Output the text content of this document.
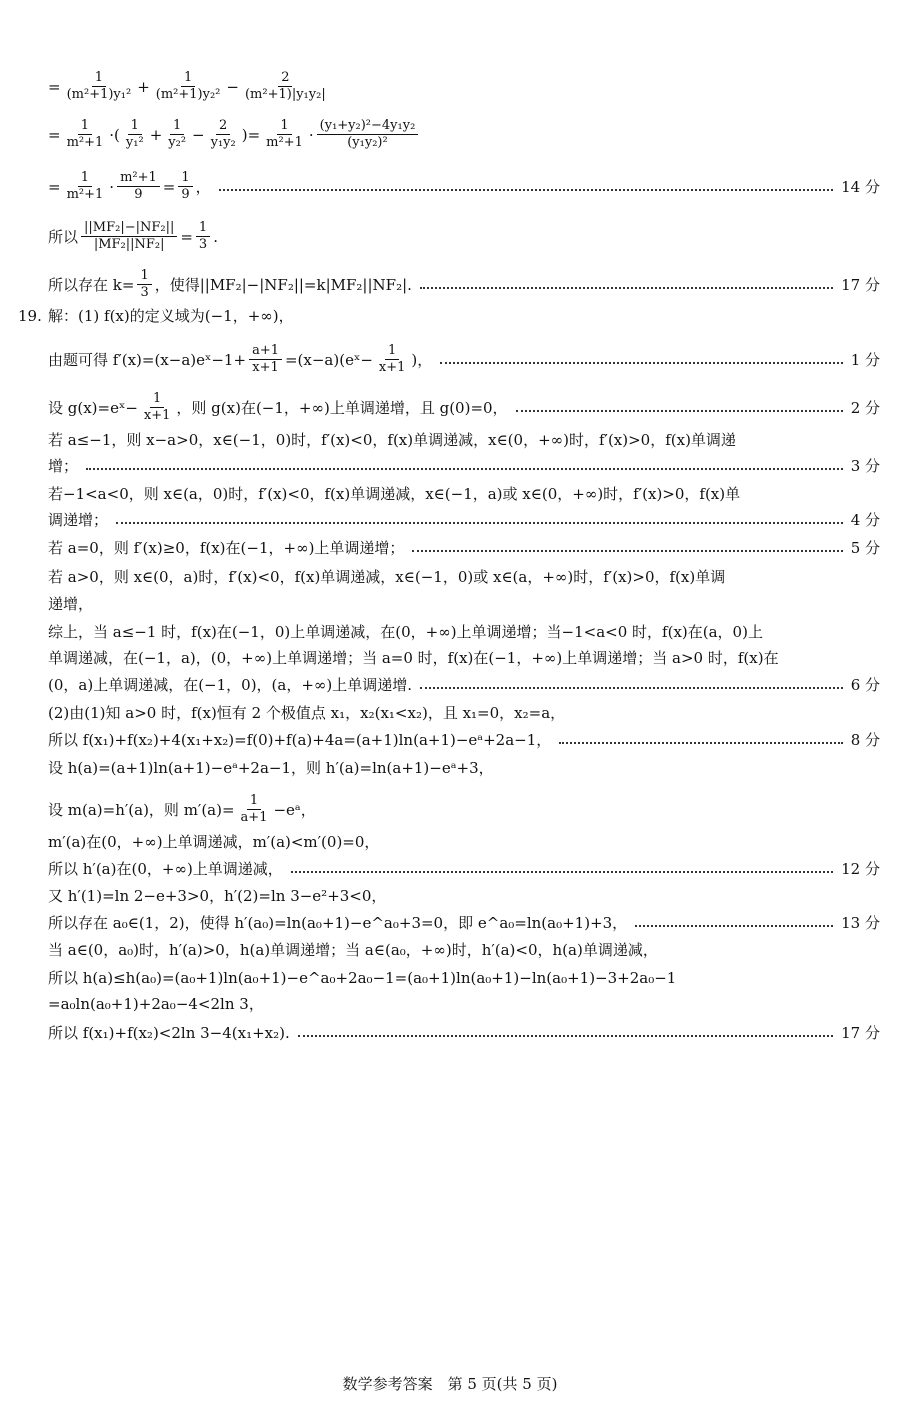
= $\frac{1}{\text{(m²+1)y₁²}} + \frac{1}{\text{(m²+1)y₂²}} - \frac{2}{\text{(m²+1)|y₁y₂|}}$
= $\frac{1}{\text{m²+1}}$ ·( $\frac{1}{\text{y₁²}} + \frac{1}{\text{y₂²}} - \frac{2}{\text{y₁y₂}}$ )= $\frac{1}{\text{m²+1}} \cdot \frac{\text{(y₁+y₂)²−4y₁y₂}}{\text{(y₁y₂)²}}$
= $\frac{1}{\text{m²+1}} \cdot \frac{\text{m²+1}}{9} = \frac{1}{9}$ ，	14 分
所以 $\frac{\text{||MF₂|−|NF₂||}}{\text{|MF₂||NF₂|}} = \frac{1}{3}$ .
所以存在 $k= \frac{1}{3}$ ，使得||MF₂|−|NF₂||=k|MF₂||NF₂|.	17 分
19. 解：(1) f(x)的定义域为(−1，+∞)，
由题可得 f′(x)=(x−a)eˣ−1+ $\frac{a+1}{x+1}$ =(x−a)(eˣ− $\frac{1}{x+1}$ )，	1 分
设 g(x)=eˣ− $\frac{1}{x+1}$ ，则 g(x)在(−1，+∞)上单调递增，且 g(0)=0，	2 分
若 a≤−1，则 x−a>0，x∈(−1，0)时，f′(x)<0，f(x)单调递减，x∈(0，+∞)时，f′(x)>0，f(x)单调递
增；	3 分
若−1<a<0，则 x∈(a，0)时，f′(x)<0，f(x)单调递减，x∈(−1，a)或 x∈(0，+∞)时，f′(x)>0，f(x)单
调递增；	4 分
若 a=0，则 f′(x)≥0，f(x)在(−1，+∞)上单调递增；	5 分
若 a>0，则 x∈(0，a)时，f′(x)<0，f(x)单调递减，x∈(−1，0)或 x∈(a，+∞)时，f′(x)>0，f(x)单调
递增，
综上，当 a≤−1 时，f(x)在(−1，0)上单调递减，在(0，+∞)上单调递增；当−1<a<0 时，f(x)在(a，0)上
单调递减，在(−1，a)，(0，+∞)上单调递增；当 a=0 时，f(x)在(−1，+∞)上单调递增；当 a>0 时，f(x)在
(0，a)上单调递减，在(−1，0)，(a，+∞)上单调递增.	6 分
(2)由(1)知 a>0 时，f(x)恒有 2 个极值点 x₁，x₂(x₁<x₂)，且 x₁=0，x₂=a，
所以 f(x₁)+f(x₂)+4(x₁+x₂)=f(0)+f(a)+4a=(a+1)ln(a+1)−eᵃ+2a−1，	8 分
设 h(a)=(a+1)ln(a+1)−eᵃ+2a−1，则 h′(a)=ln(a+1)−eᵃ+3，
设 m(a)=h′(a)，则 $m'(a)= \frac{1}{a+1}$ −eᵃ，
m′(a)在(0，+∞)上单调递减，m′(a)<m′(0)=0，
所以 h′(a)在(0，+∞)上单调递减，	12 分
又 h′(1)=ln 2−e+3>0，h′(2)=ln 3−e²+3<0，
所以存在 a₀∈(1，2)，使得 h′(a₀)=ln(a₀+1)−e^a₀+3=0，即 e^a₀=ln(a₀+1)+3，	13 分
当 a∈(0，a₀)时，h′(a)>0，h(a)单调递增；当 a∈(a₀，+∞)时，h′(a)<0，h(a)单调递减，
所以 h(a)≤h(a₀)=(a₀+1)ln(a₀+1)−e^a₀+2a₀−1=(a₀+1)ln(a₀+1)−ln(a₀+1)−3+2a₀−1
=a₀ln(a₀+1)+2a₀−4<2ln 3，
所以 f(x₁)+f(x₂)<2ln 3−4(x₁+x₂).	17 分
数学参考答案　第 5 页(共 5 页)
